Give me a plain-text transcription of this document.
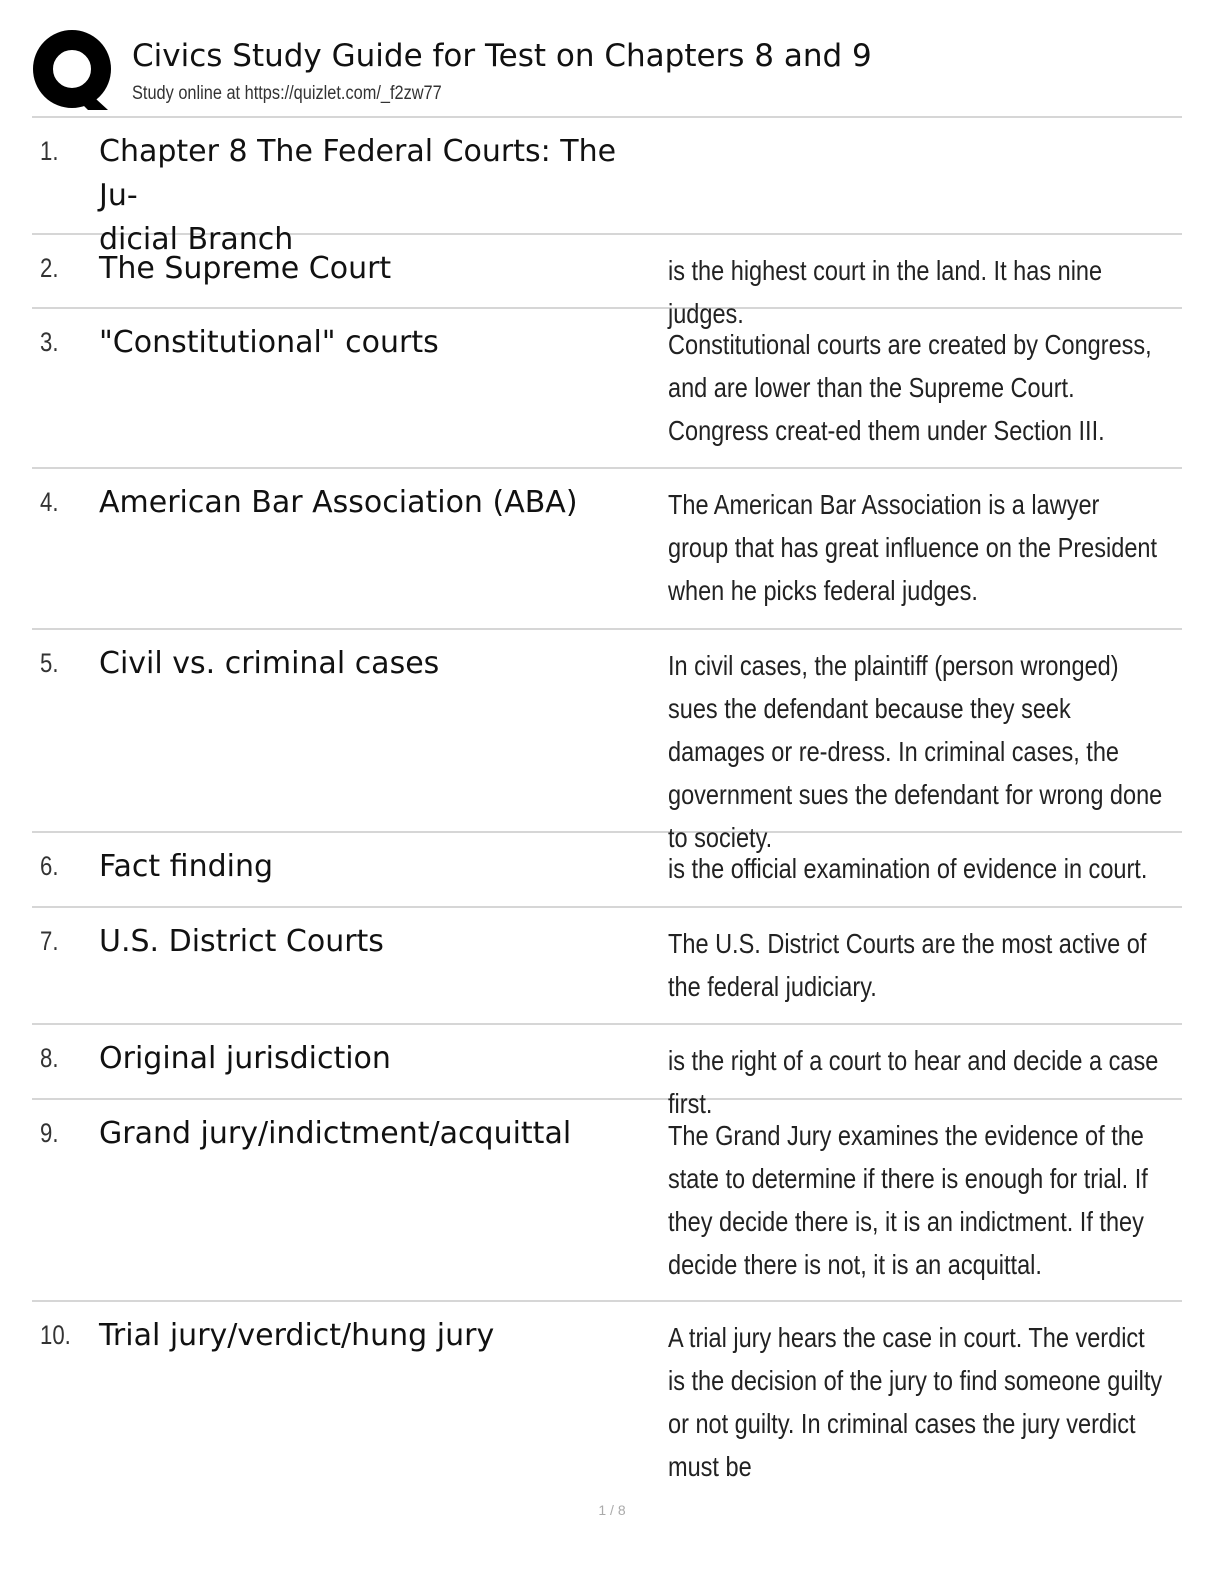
Civics Study Guide for Test on Chapters 8 and 9
Study online at https://quizlet.com/_f2zw77
1. Chapter 8 The Federal Courts: The Ju-
dicial Branch
2. The Supreme Court	is the highest court in the land. It has nine judges.
3. "Constitutional" courts	Constitutional courts are created by Congress, and are lower than the Supreme Court. Congress creat-ed them under Section III.
4. American Bar Association (ABA)	The American Bar Association is a lawyer group that has great influence on the President when he picks federal judges.
5. Civil vs. criminal cases	In civil cases, the plaintiff (person wronged) sues the defendant because they seek damages or re-dress. In criminal cases, the government sues the defendant for wrong done to society.
6. Fact finding	is the official examination of evidence in court.
7. U.S. District Courts	The U.S. District Courts are the most active of the federal judiciary.
8. Original jurisdiction	is the right of a court to hear and decide a case first.
9. Grand jury/indictment/acquittal	The Grand Jury examines the evidence of the state to determine if there is enough for trial. If they decide there is, it is an indictment. If they decide there is not, it is an acquittal.
10. Trial jury/verdict/hung jury	A trial jury hears the case in court. The verdict is the decision of the jury to find someone guilty or not guilty. In criminal cases the jury verdict must be
1 / 8
